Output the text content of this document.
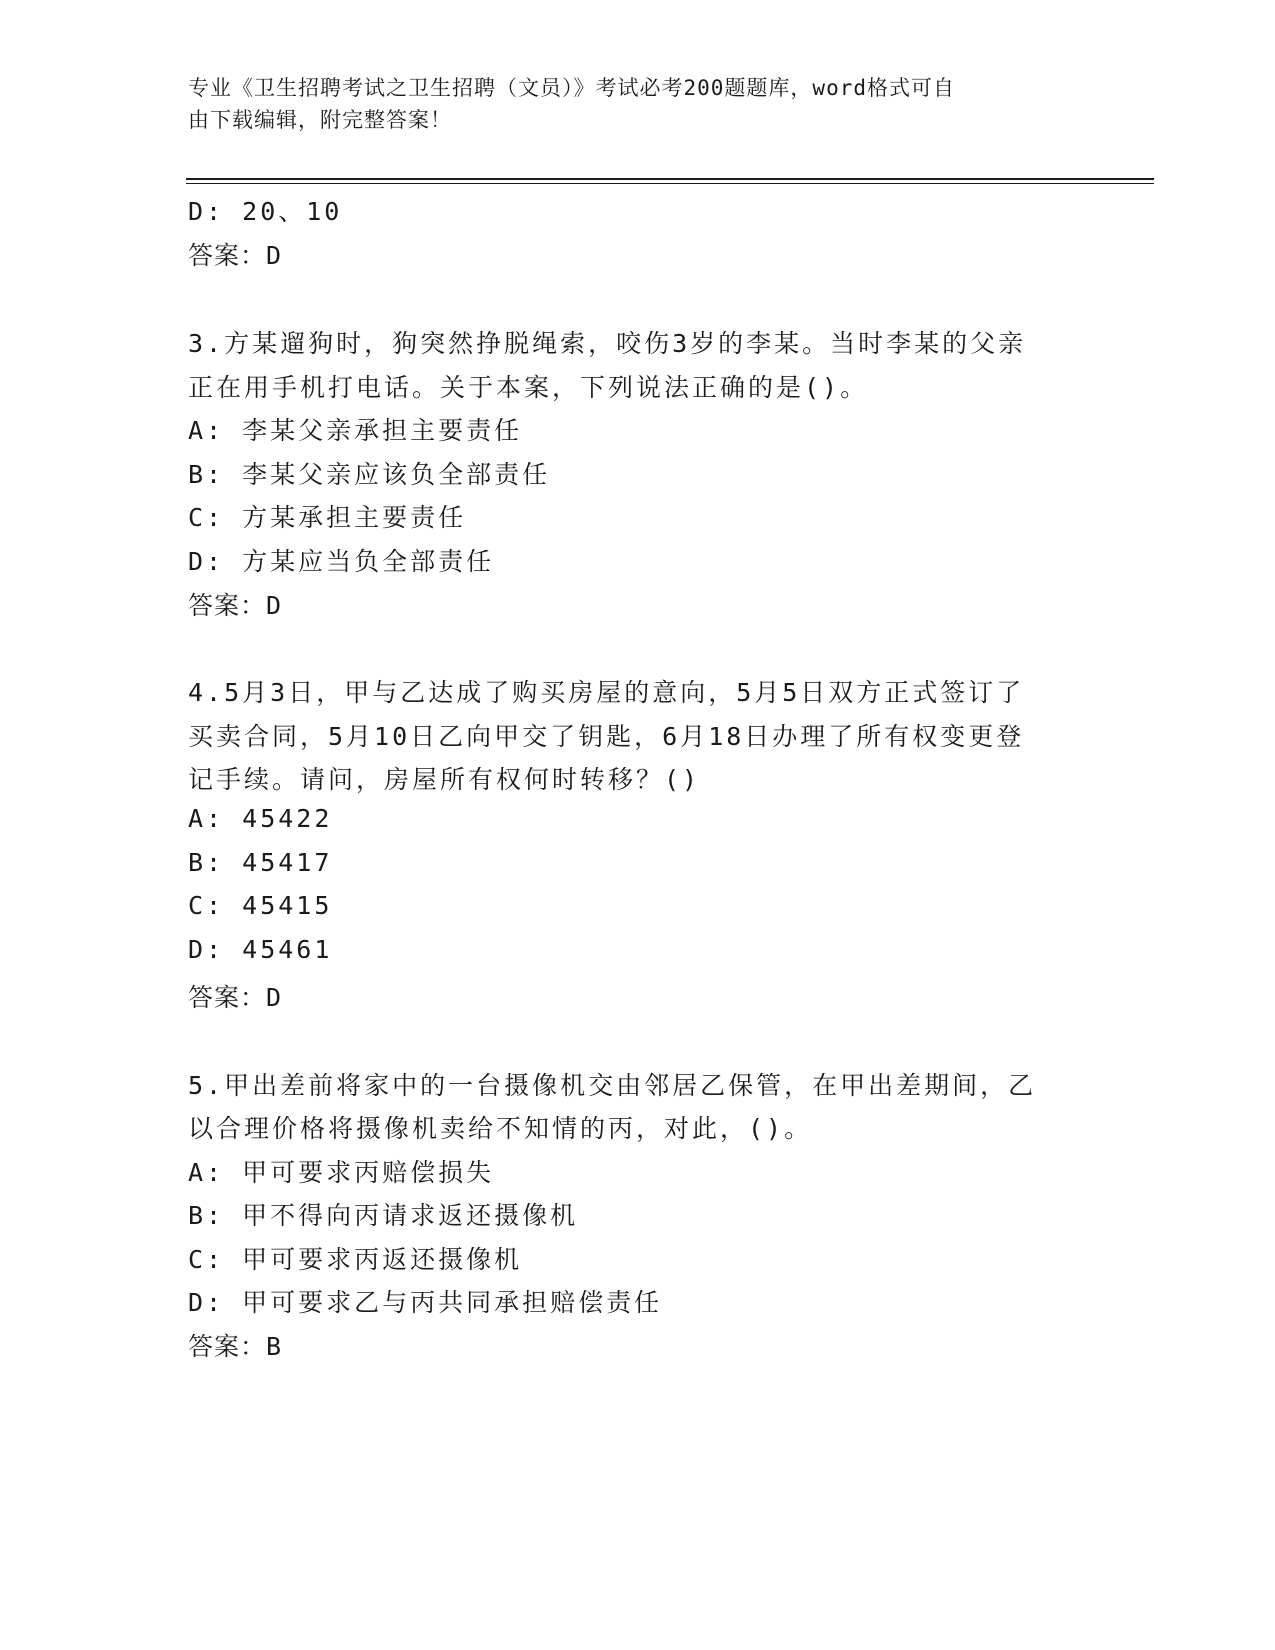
专业《卫生招聘考试之卫生招聘（文员）》考试必考200题题库，word格式可自
由下载编辑，附完整答案！
D: 20、10
答案：D
3.方某遛狗时，狗突然挣脱绳索，咬伤3岁的李某。当时李某的父亲
正在用手机打电话。关于本案，下列说法正确的是()。
A: 李某父亲承担主要责任
B: 李某父亲应该负全部责任
C: 方某承担主要责任
D: 方某应当负全部责任
答案：D
4.5月3日，甲与乙达成了购买房屋的意向，5月5日双方正式签订了
买卖合同，5月10日乙向甲交了钥匙，6月18日办理了所有权变更登
记手续。请问，房屋所有权何时转移？()
A: 45422
B: 45417
C: 45415
D: 45461
答案：D
5.甲出差前将家中的一台摄像机交由邻居乙保管，在甲出差期间，乙
以合理价格将摄像机卖给不知情的丙，对此，()。
A: 甲可要求丙赔偿损失
B: 甲不得向丙请求返还摄像机
C: 甲可要求丙返还摄像机
D: 甲可要求乙与丙共同承担赔偿责任
答案：B
